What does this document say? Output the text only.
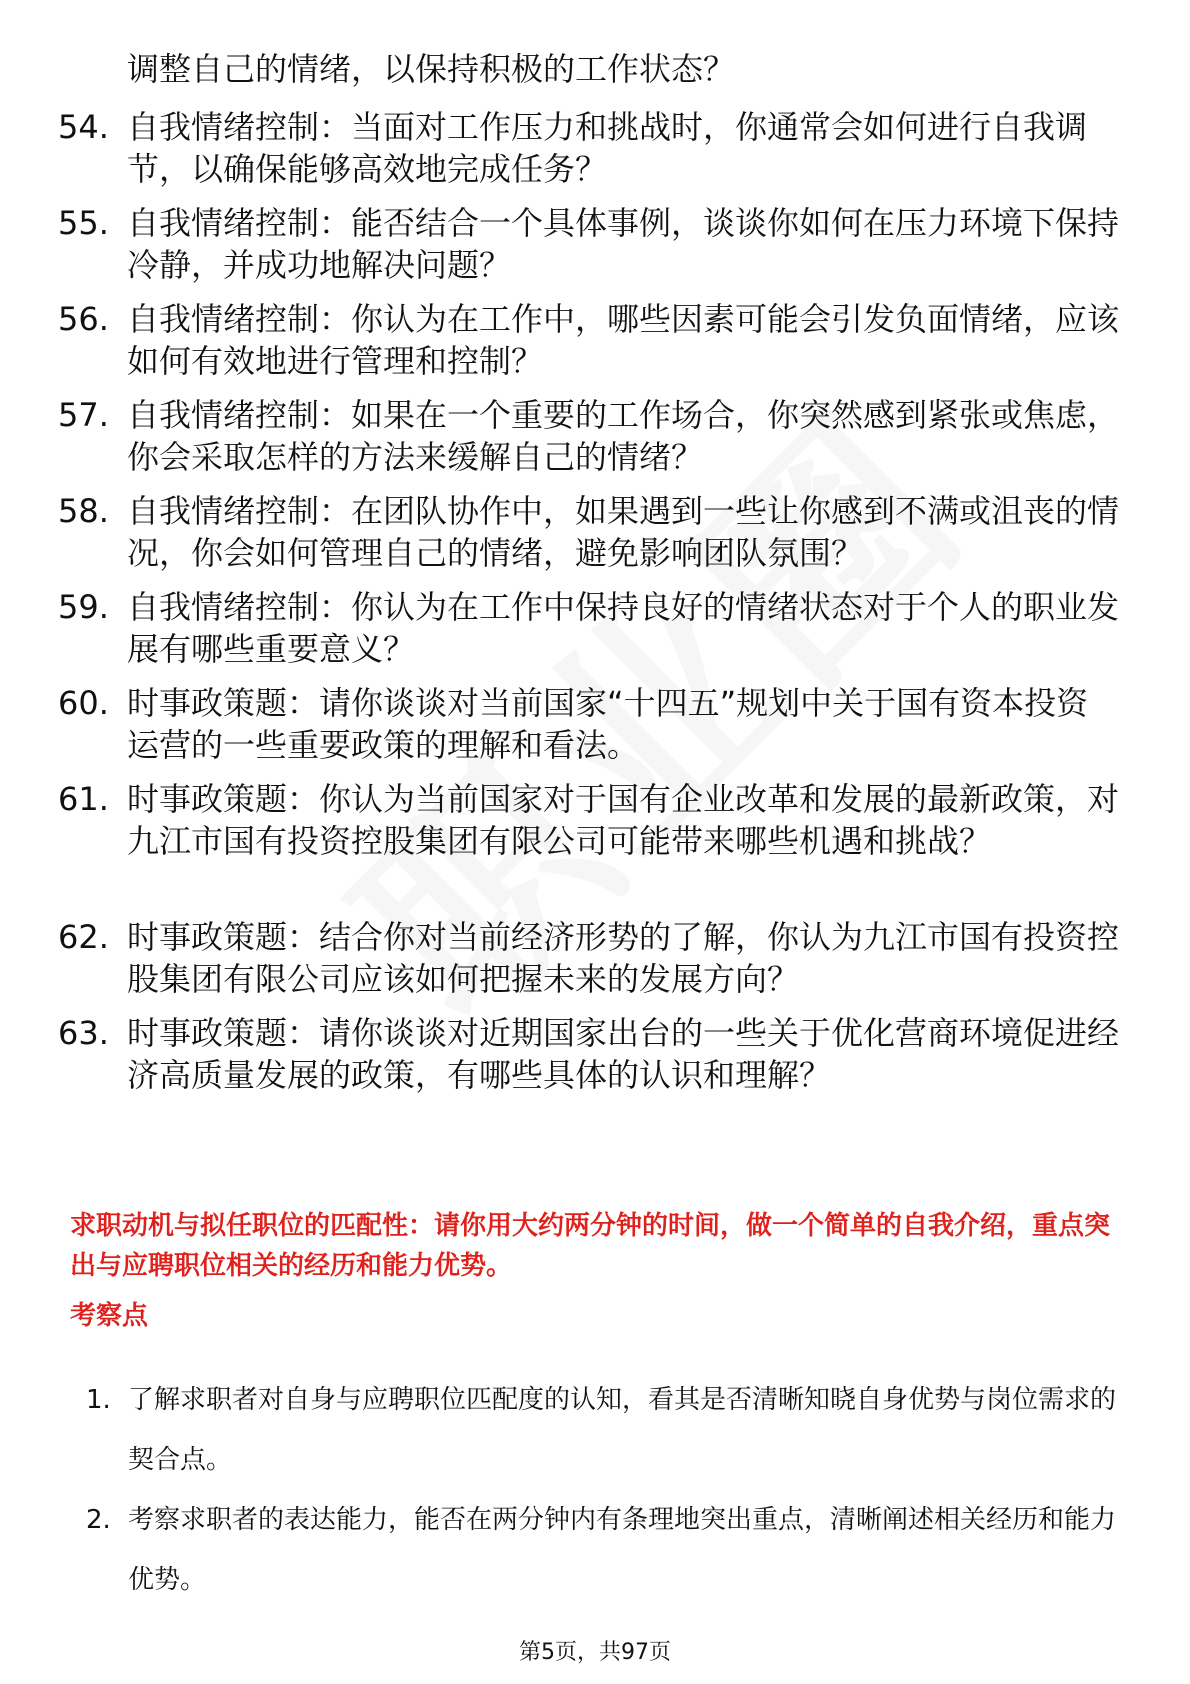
调整自己的情绪，以保持积极的工作状态？

54. 自我情绪控制：当面对工作压力和挑战时，你通常会如何进行自我调节，以确保能够高效地完成任务？
55. 自我情绪控制：能否结合一个具体事例，谈谈你如何在压力环境下保持冷静，并成功地解决问题？
56. 自我情绪控制：你认为在工作中，哪些因素可能会引发负面情绪，应该如何有效地进行管理和控制？
57. 自我情绪控制：如果在一个重要的工作场合，你突然感到紧张或焦虑，你会采取怎样的方法来缓解自己的情绪？
58. 自我情绪控制：在团队协作中，如果遇到一些让你感到不满或沮丧的情况，你会如何管理自己的情绪，避免影响团队氛围？
59. 自我情绪控制：你认为在工作中保持良好的情绪状态对于个人的职业发展有哪些重要意义？
60. 时事政策题：请你谈谈对当前国家“十四五”规划中关于国有资本投资运营的一些重要政策的理解和看法。
61. 时事政策题：你认为当前国家对于国有企业改革和发展的最新政策，对九江市国有投资控股集团有限公司可能带来哪些机遇和挑战？
62. 时事政策题：结合你对当前经济形势的了解，你认为九江市国有投资控股集团有限公司应该如何把握未来的发展方向？
63. 时事政策题：请你谈谈对近期国家出台的一些关于优化营商环境促进经济高质量发展的政策，有哪些具体的认识和理解？

求职动机与拟任职位的匹配性：请你用大约两分钟的时间，做一个简单的自我介绍，重点突出与应聘职位相关的经历和能力优势。

考察点

1. 了解求职者对自身与应聘职位匹配度的认知，看其是否清晰知晓自身优势与岗位需求的契合点。
2. 考察求职者的表达能力，能否在两分钟内有条理地突出重点，清晰阐述相关经历和能力优势。
第5页，共97页
